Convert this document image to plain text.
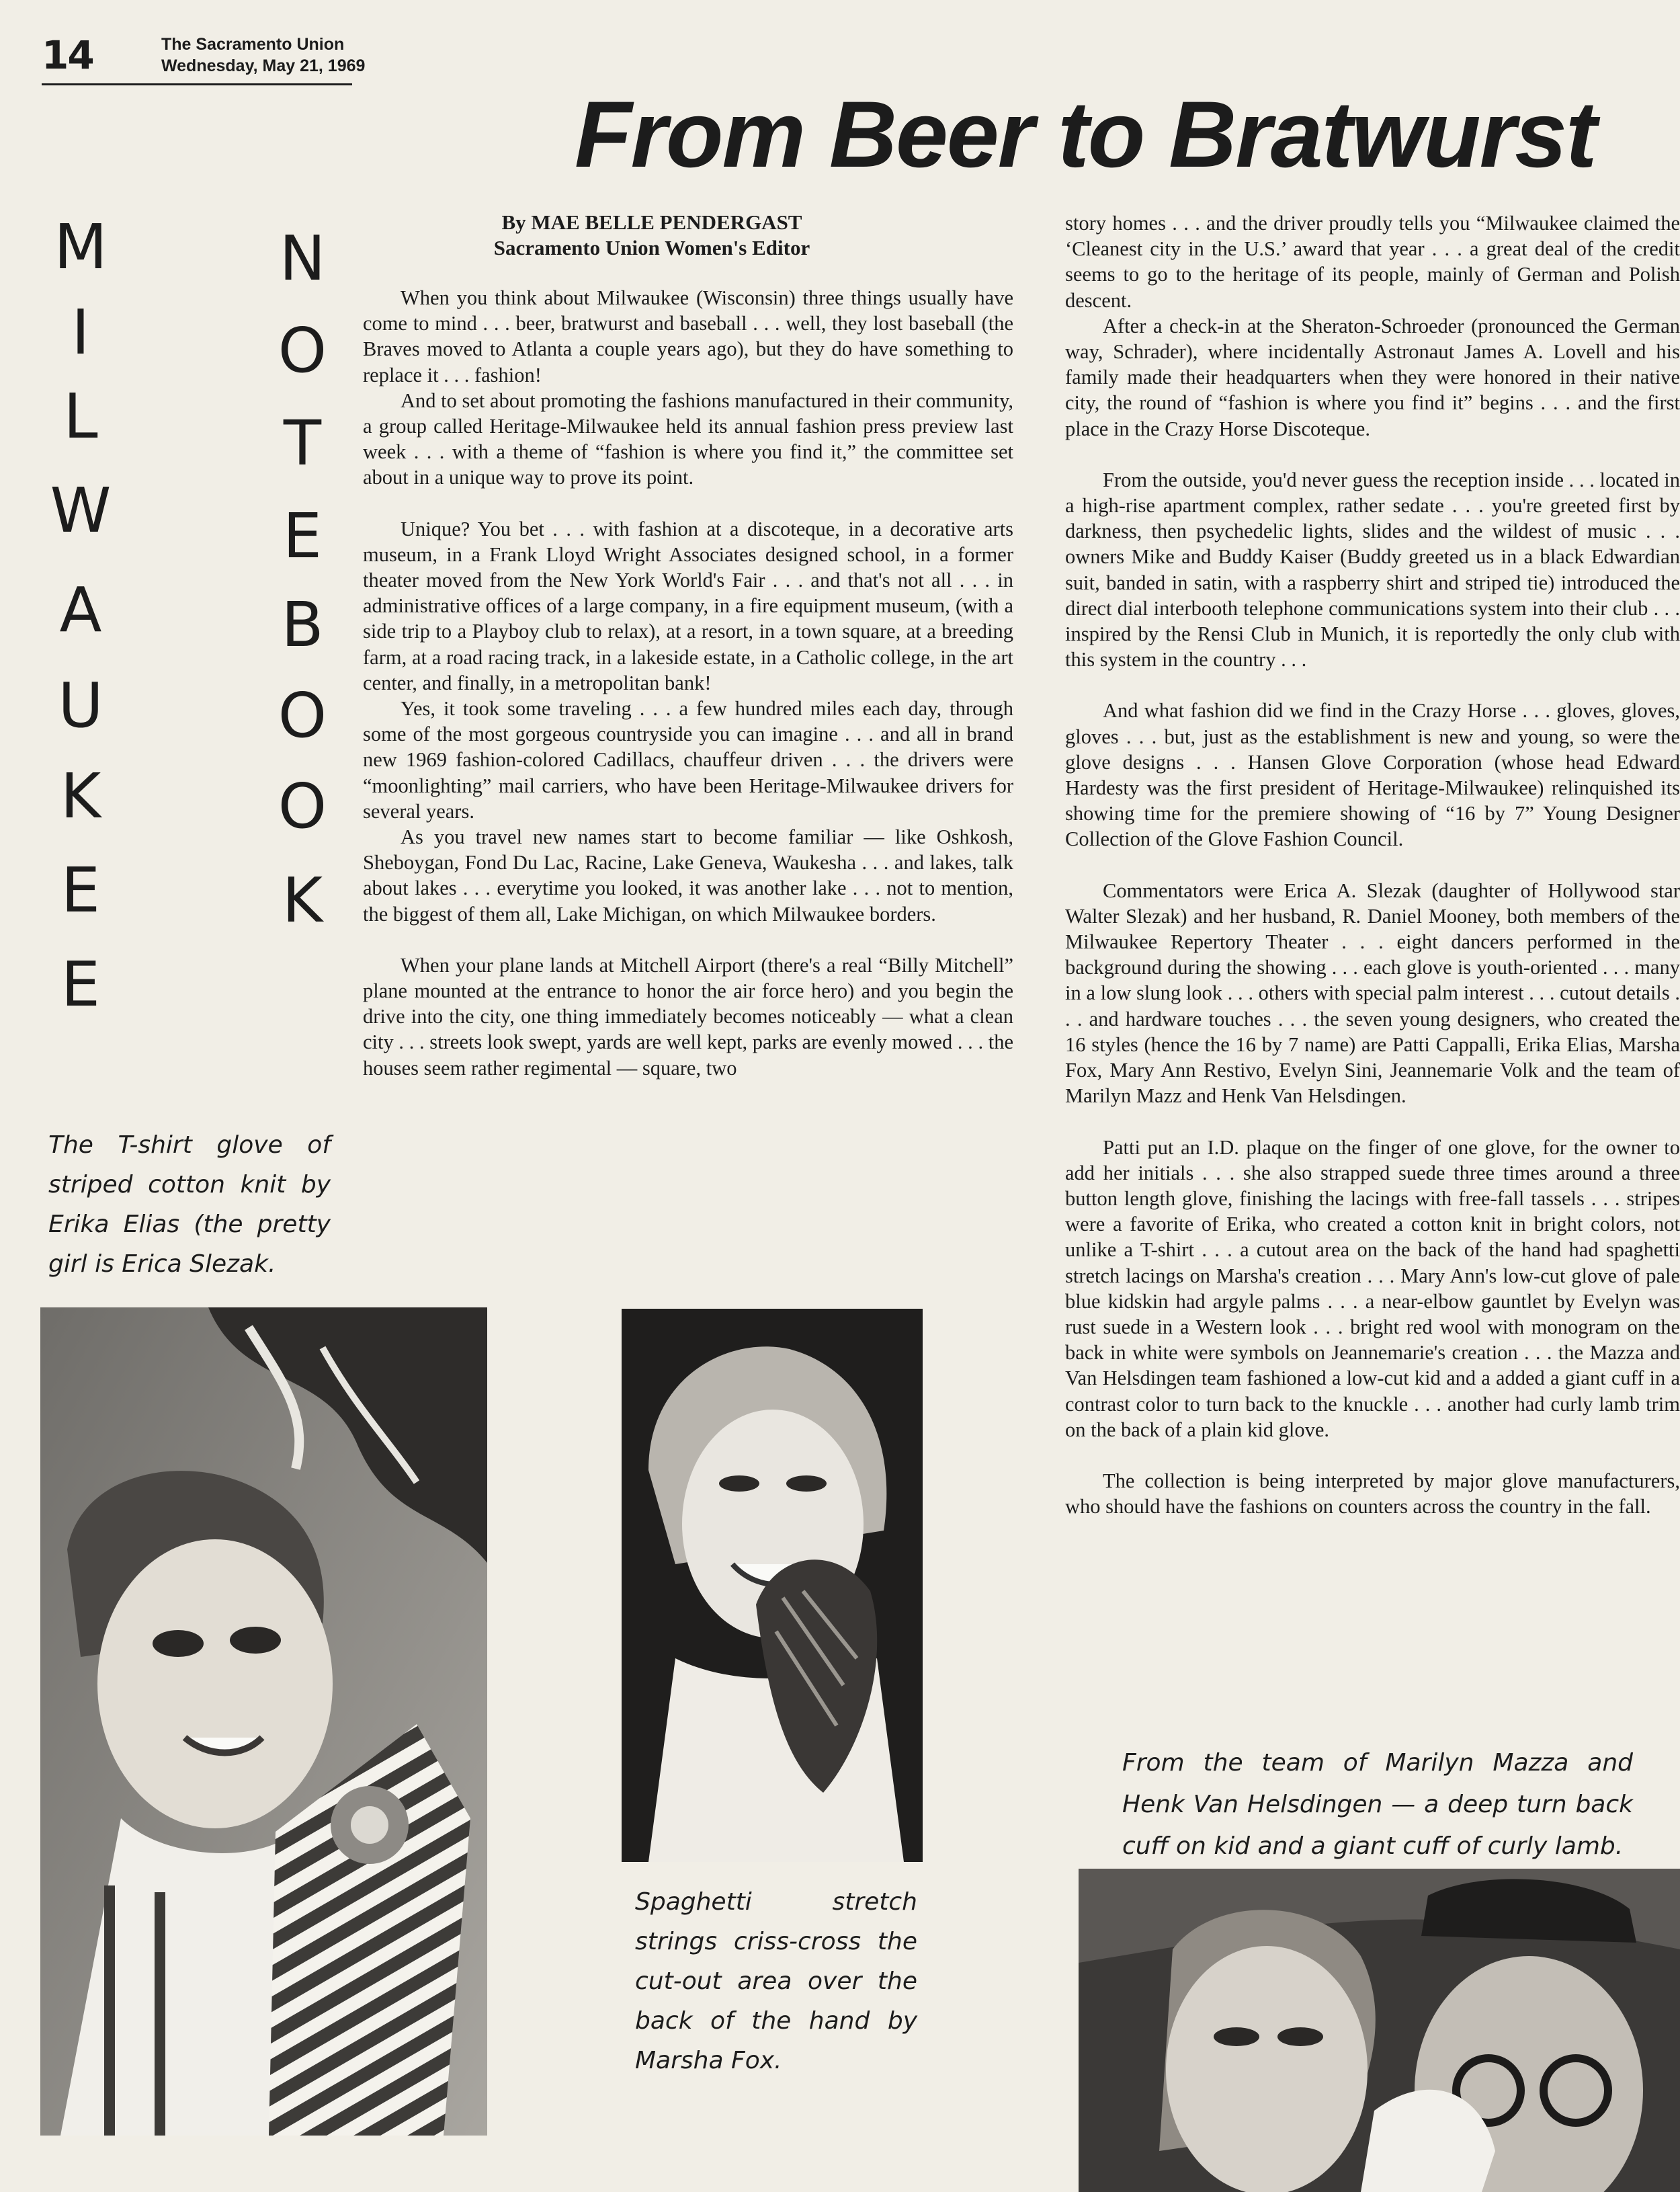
14	The Sacramento Union
Wednesday, May 21, 1969
From Beer to Bratwurst
M
I
L
W
A
U
K
E
E
N
O
T
E
B
O
O
K
By MAE BELLE PENDERGAST
Sacramento Union Women's Editor

When you think about Milwaukee (Wisconsin) three things usually have come to mind . . . beer, bratwurst and baseball . . . well, they lost baseball (the Braves moved to Atlanta a couple years ago), but they do have something to replace it . . . fashion!

And to set about promoting the fashions manufactured in their community, a group called Heritage-Milwaukee held its annual fashion press preview last week . . . with a theme of “fashion is where you find it,” the committee set about in a unique way to prove its point.

Unique? You bet . . . with fashion at a discoteque, in a decorative arts museum, in a Frank Lloyd Wright Associates designed school, in a former theater moved from the New York World's Fair . . . and that's not all . . . in administrative offices of a large company, in a fire equipment museum, (with a side trip to a Playboy club to relax), at a resort, in a town square, at a breeding farm, at a road racing track, in a lakeside estate, in a Catholic college, in the art center, and finally, in a metropolitan bank!

Yes, it took some traveling . . . a few hundred miles each day, through some of the most gorgeous countryside you can imagine . . . and all in brand new 1969 fashion-colored Cadillacs, chauffeur driven . . . the drivers were “moonlighting” mail carriers, who have been Heritage-Milwaukee drivers for several years.

As you travel new names start to become familiar — like Oshkosh, Sheboygan, Fond Du Lac, Racine, Lake Geneva, Waukesha . . . and lakes, talk about lakes . . . everytime you looked, it was another lake . . . not to mention, the biggest of them all, Lake Michigan, on which Milwaukee borders.

When your plane lands at Mitchell Airport (there's a real “Billy Mitchell” plane mounted at the entrance to honor the air force hero) and you begin the drive into the city, one thing immediately becomes noticeably — what a clean city . . . streets look swept, yards are well kept, parks are evenly mowed . . . the houses seem rather regimental — square, two

story homes . . . and the driver proudly tells you “Milwaukee claimed the ‘Cleanest city in the U.S.’ award that year . . . a great deal of the credit seems to go to the heritage of its people, mainly of German and Polish descent.

After a check-in at the Sheraton-Schroeder (pronounced the German way, Schrader), where incidentally Astronaut James A. Lovell and his family made their headquarters when they were honored in their native city, the round of “fashion is where you find it” begins . . . and the first place in the Crazy Horse Discoteque.

From the outside, you'd never guess the reception inside . . . located in a high-rise apartment complex, rather sedate . . . you're greeted first by darkness, then psychedelic lights, slides and the wildest of music . . . owners Mike and Buddy Kaiser (Buddy greeted us in a black Edwardian suit, banded in satin, with a raspberry shirt and striped tie) introduced the direct dial interbooth telephone communications system into their club . . . inspired by the Rensi Club in Munich, it is reportedly the only club with this system in the country . . .

And what fashion did we find in the Crazy Horse . . . gloves, gloves, gloves . . . but, just as the establishment is new and young, so were the glove designs . . . Hansen Glove Corporation (whose head Edward Hardesty was the first president of Heritage-Milwaukee) relinquished its showing time for the premiere showing of “16 by 7” Young Designer Collection of the Glove Fashion Council.

Commentators were Erica A. Slezak (daughter of Hollywood star Walter Slezak) and her husband, R. Daniel Mooney, both members of the Milwaukee Repertory Theater . . . eight dancers performed in the background during the showing . . . each glove is youth-oriented . . . many in a low slung look . . . others with special palm interest . . . cutout details . . . and hardware touches . . . the seven young designers, who created the 16 styles (hence the 16 by 7 name) are Patti Cappalli, Erika Elias, Marsha Fox, Mary Ann Restivo, Evelyn Sini, Jeannemarie Volk and the team of Marilyn Mazz and Henk Van Helsdingen.

Patti put an I.D. plaque on the finger of one glove, for the owner to add her initials . . . she also strapped suede three times around a three button length glove, finishing the lacings with free-fall tassels . . . stripes were a favorite of Erika, who created a cotton knit in bright colors, not unlike a T-shirt . . . a cutout area on the back of the hand had spaghetti stretch lacings on Marsha's creation . . . Mary Ann's low-cut glove of pale blue kidskin had argyle palms . . . a near-elbow gauntlet by Evelyn was rust suede in a Western look . . . bright red wool with monogram on the back in white were symbols on Jeannemarie's creation . . . the Mazza and Van Helsdingen team fashioned a low-cut kid and a added a giant cuff in a contrast color to turn back to the knuckle . . . another had curly lamb trim on the back of a plain kid glove.

The collection is being interpreted by major glove manufacturers, who should have the fashions on counters across the country in the fall.

The T-shirt glove of striped cotton knit by Erika Elias (the pretty girl is Erica Slezak.
Spaghetti stretch strings criss-cross the cut-out area over the back of the hand by Marsha Fox.
From the team of Marilyn Mazza and Henk Van Helsdingen — a deep turn back cuff on kid and a giant cuff of curly lamb.
